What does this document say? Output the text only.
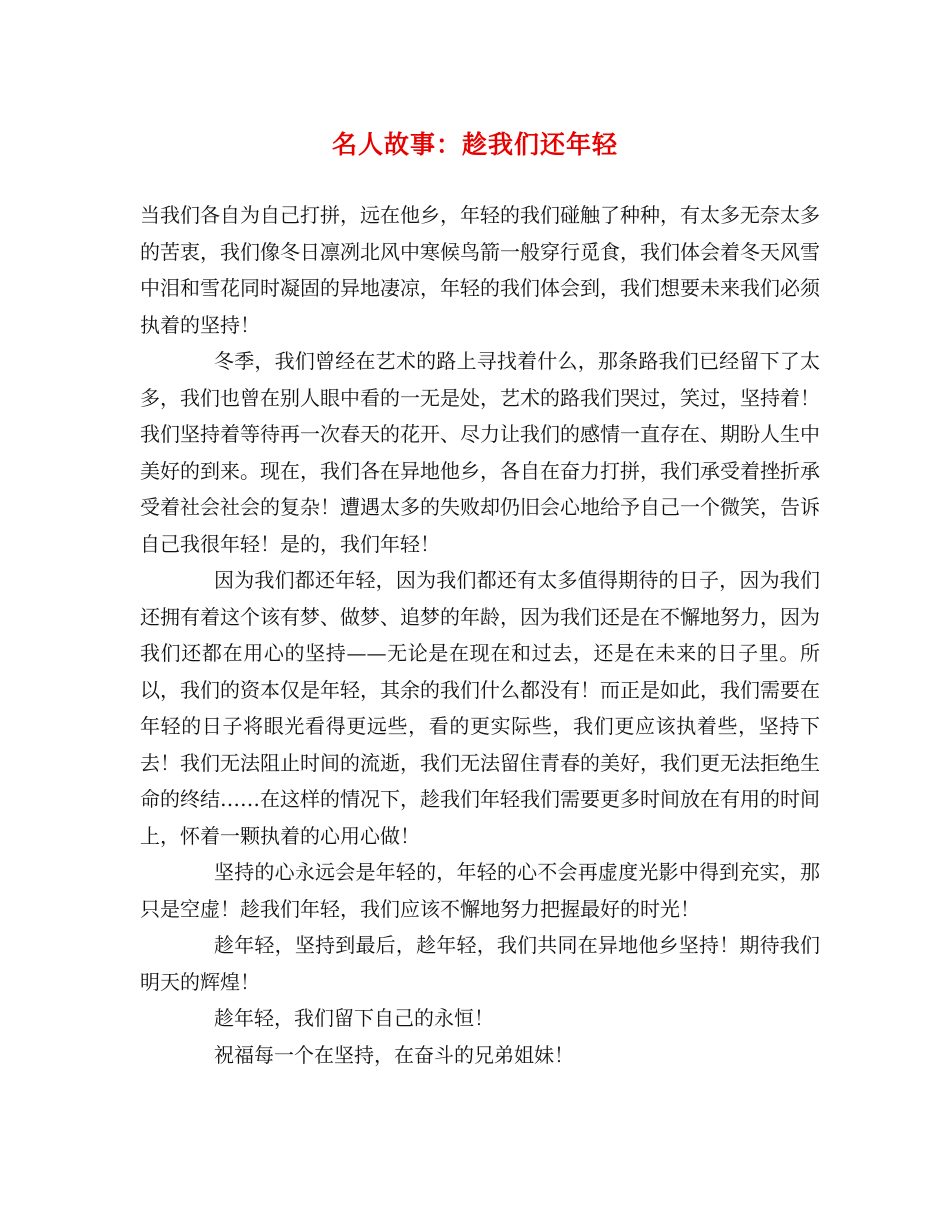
名人故事：趁我们还年轻

当我们各自为自己打拼，远在他乡，年轻的我们碰触了种种，有太多无奈太多的苦衷，我们像冬日凛冽北风中寒候鸟箭一般穿行觅食，我们体会着冬天风雪中泪和雪花同时凝固的异地凄凉，年轻的我们体会到，我们想要未来我们必须执着的坚持！

冬季，我们曾经在艺术的路上寻找着什么，那条路我们已经留下了太多，我们也曾在别人眼中看的一无是处，艺术的路我们哭过，笑过，坚持着！我们坚持着等待再一次春天的花开、尽力让我们的感情一直存在、期盼人生中美好的到来。现在，我们各在异地他乡，各自在奋力打拼，我们承受着挫折承受着社会社会的复杂！遭遇太多的失败却仍旧会心地给予自己一个微笑，告诉自己我很年轻！是的，我们年轻！

因为我们都还年轻，因为我们都还有太多值得期待的日子，因为我们还拥有着这个该有梦、做梦、追梦的年龄，因为我们还是在不懈地努力，因为我们还都在用心的坚持——无论是在现在和过去，还是在未来的日子里。所以，我们的资本仅是年轻，其余的我们什么都没有！而正是如此，我们需要在年轻的日子将眼光看得更远些，看的更实际些，我们更应该执着些，坚持下去！我们无法阻止时间的流逝，我们无法留住青春的美好，我们更无法拒绝生命的终结……在这样的情况下，趁我们年轻我们需要更多时间放在有用的时间上，怀着一颗执着的心用心做！

坚持的心永远会是年轻的，年轻的心不会再虚度光影中得到充实，那只是空虚！趁我们年轻，我们应该不懈地努力把握最好的时光！

趁年轻，坚持到最后，趁年轻，我们共同在异地他乡坚持！期待我们明天的辉煌！

趁年轻，我们留下自己的永恒！

祝福每一个在坚持，在奋斗的兄弟姐妹！
